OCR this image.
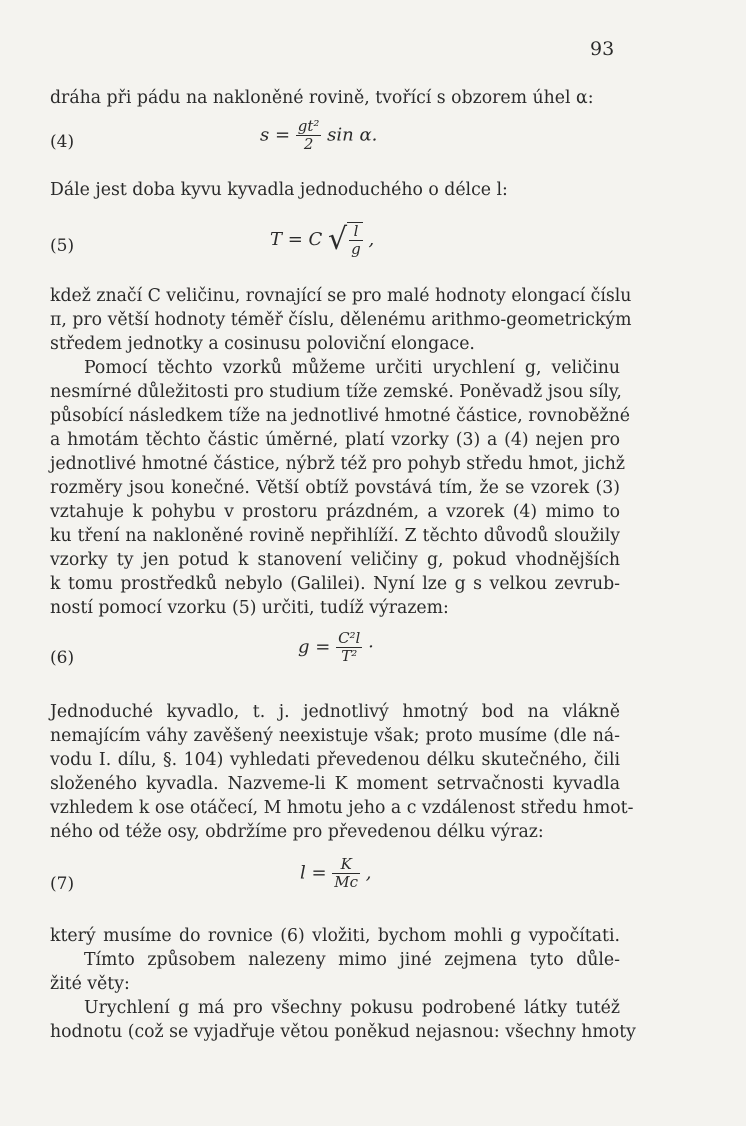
93
dráha při pádu na nakloněné rovině, tvořící s obzorem úhel α:
(4)	$s = \frac{\text{gt²}}{2}$ sin α.
Dále jest doba kyvu kyvadla jednoduchého o délce l:
(5)	T = C √ $\frac{l}{g}$ ,
kdež značí C veličinu, rovnající se pro malé hodnoty elongací číslu
π, pro větší hodnoty téměř číslu, dělenému arithmo-geometrickým
středem jednotky a cosinusu poloviční elongace.
Pomocí těchto vzorků můžeme určiti urychlení g, veličinu
nesmírné důležitosti pro studium tíže zemské. Poněvadž jsou síly,
působící následkem tíže na jednotlivé hmotné částice, rovnoběžné
a hmotám těchto částic úměrné, platí vzorky (3) a (4) nejen pro
jednotlivé hmotné částice, nýbrž též pro pohyb středu hmot, jichž
rozměry jsou konečné. Větší obtíž povstává tím, že se vzorek (3)
vztahuje k pohybu v prostoru prázdném, a vzorek (4) mimo to
ku tření na nakloněné rovině nepřihlíží. Z těchto důvodů sloužily
vzorky ty jen potud k stanovení veličiny g, pokud vhodnějších
k tomu prostředků nebylo (Galilei). Nyní lze g s velkou zevrub-
ností pomocí vzorku (5) určiti, tudíž výrazem:
(6)
$g = \frac{\text{C²l}}{\text{T²}}$ ·
Jednoduché kyvadlo, t. j. jednotlivý hmotný bod na vlákně
nemajícím váhy zavěšený neexistuje však; proto musíme (dle ná-
vodu I. dílu, §. 104) vyhledati převedenou délku skutečného, čili
složeného kyvadla. Nazveme-li K moment setrvačnosti kyvadla
vzhledem k ose otáčecí, M hmotu jeho a c vzdálenost středu hmot-
ného od téže osy, obdržíme pro převedenou délku výraz:
(7)
$l = \frac{K}{Mc}$ ,
který musíme do rovnice (6) vložiti, bychom mohli g vypočítati.
Tímto způsobem nalezeny mimo jiné zejmena tyto důle-
žité věty:
Urychlení g má pro všechny pokusu podrobené látky tutéž
hodnotu (což se vyjadřuje větou poněkud nejasnou: všechny hmoty
